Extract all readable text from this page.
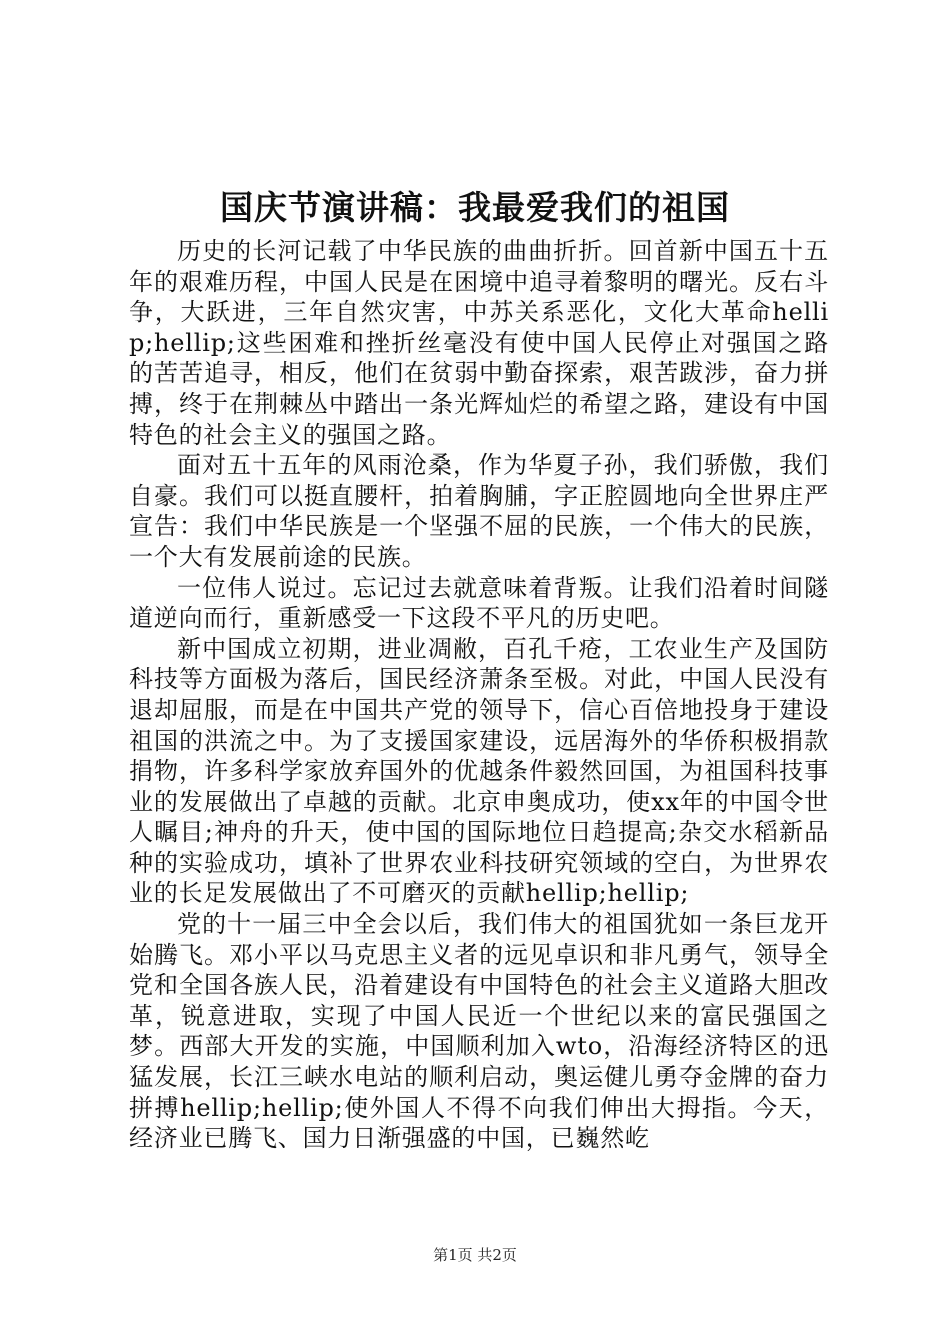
国庆节演讲稿：我最爱我们的祖国

历史的长河记载了中华民族的曲曲折折。回首新中国五十五年的艰难历程，中国人民是在困境中追寻着黎明的曙光。反右斗争，大跃进，三年自然灾害，中苏关系恶化，文化大革命hellip;hellip;这些困难和挫折丝毫没有使中国人民停止对强国之路的苦苦追寻，相反，他们在贫弱中勤奋探索，艰苦跋涉，奋力拼搏，终于在荆棘丛中踏出一条光辉灿烂的希望之路，建设有中国特色的社会主义的强国之路。

面对五十五年的风雨沧桑，作为华夏子孙，我们骄傲，我们自豪。我们可以挺直腰杆，拍着胸脯，字正腔圆地向全世界庄严宣告：我们中华民族是一个坚强不屈的民族，一个伟大的民族，一个大有发展前途的民族。

一位伟人说过。忘记过去就意味着背叛。让我们沿着时间隧道逆向而行，重新感受一下这段不平凡的历史吧。

新中国成立初期，进业凋敝，百孔千疮，工农业生产及国防科技等方面极为落后，国民经济萧条至极。对此，中国人民没有退却屈服，而是在中国共产党的领导下，信心百倍地投身于建设祖国的洪流之中。为了支援国家建设，远居海外的华侨积极捐款捐物，许多科学家放弃国外的优越条件毅然回国，为祖国科技事业的发展做出了卓越的贡献。北京申奥成功，使xx年的中国令世人瞩目;神舟的升天，使中国的国际地位日趋提高;杂交水稻新品种的实验成功，填补了世界农业科技研究领域的空白，为世界农业的长足发展做出了不可磨灭的贡献hellip;hellip;

党的十一届三中全会以后，我们伟大的祖国犹如一条巨龙开始腾飞。邓小平以马克思主义者的远见卓识和非凡勇气，领导全党和全国各族人民，沿着建设有中国特色的社会主义道路大胆改革，锐意进取，实现了中国人民近一个世纪以来的富民强国之梦。西部大开发的实施，中国顺利加入wto，沿海经济特区的迅猛发展，长江三峡水电站的顺利启动，奥运健儿勇夺金牌的奋力拼搏hellip;hellip;使外国人不得不向我们伸出大拇指。今天，经济业已腾飞、国力日渐强盛的中国，已巍然屹

第1页 共2页
